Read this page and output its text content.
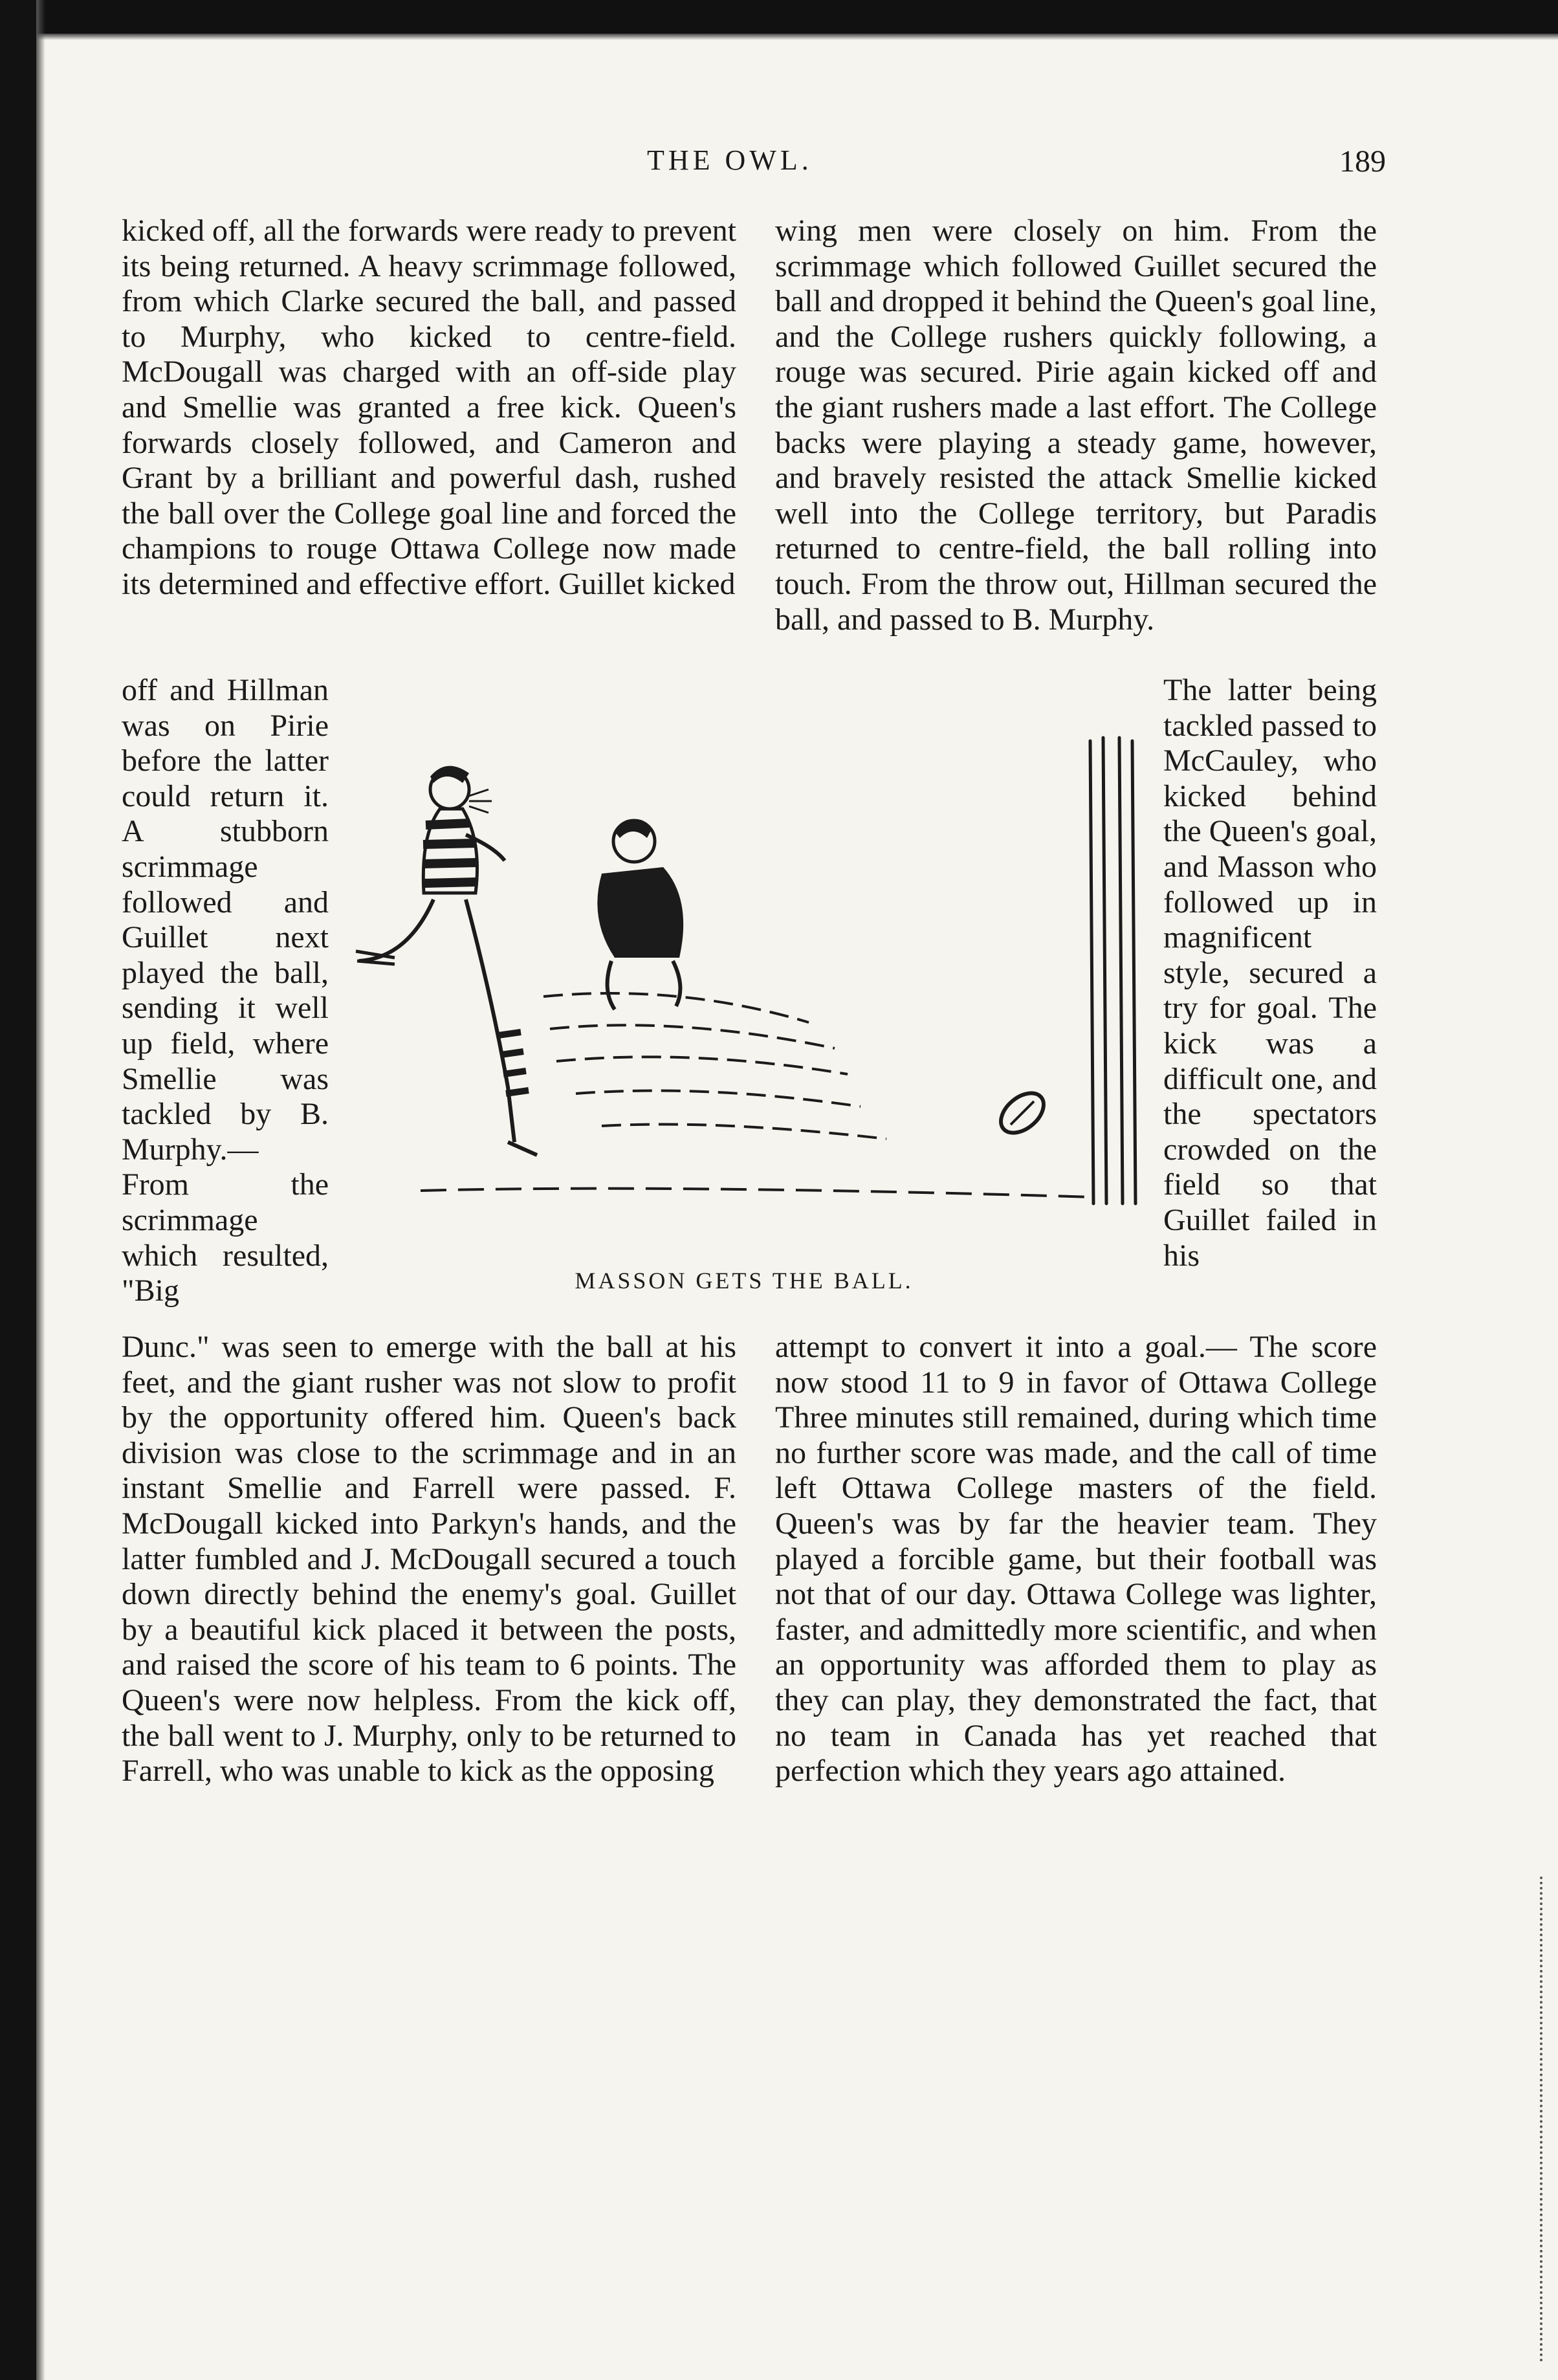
THE OWL.	189

kicked off, all the forwards were ready to prevent its being returned. A heavy scrimmage followed, from which Clarke secured the ball, and passed to Murphy, who kicked to centre-field. McDougall was charged with an off-side play and Smellie was granted a free kick. Queen's forwards closely followed, and Cameron and Grant by a brilliant and powerful dash, rushed the ball over the College goal line and forced the champions to rouge Ottawa College now made its determined and effective effort. Guillet kicked

off and Hillman was on Pirie before the latter could return it. A stubborn scrimmage followed and Guillet next played the ball, sending it well up field, where Smellie was tackled by B. Murphy.— From the scrimmage which resulted, "Big

Dunc." was seen to emerge with the ball at his feet, and the giant rusher was not slow to profit by the opportunity offered him. Queen's back division was close to the scrimmage and in an instant Smellie and Farrell were passed. F. McDougall kicked into Parkyn's hands, and the latter fumbled and J. McDougall secured a touch down directly behind the enemy's goal. Guillet by a beautiful kick placed it between the posts, and raised the score of his team to 6 points. The Queen's were now helpless. From the kick off, the ball went to J. Murphy, only to be returned to Farrell, who was unable to kick as the opposing

wing men were closely on him. From the scrimmage which followed Guillet secured the ball and dropped it behind the Queen's goal line, and the College rushers quickly following, a rouge was secured. Pirie again kicked off and the giant rushers made a last effort. The College backs were playing a steady game, however, and bravely resisted the attack Smellie kicked well into the College territory, but Paradis returned to centre-field, the ball rolling into touch. From the throw out, Hillman secured the ball, and passed to B. Murphy.

The latter being tackled passed to McCauley, who kicked behind the Queen's goal, and Masson who followed up in magnificent style, secured a try for goal. The kick was a difficult one, and the spectators crowded on the field so that Guillet failed in his

attempt to convert it into a goal.— The score now stood 11 to 9 in favor of Ottawa College Three minutes still remained, during which time no further score was made, and the call of time left Ottawa College masters of the field. Queen's was by far the heavier team. They played a forcible game, but their football was not that of our day. Ottawa College was lighter, faster, and admittedly more scientific, and when an opportunity was afforded them to play as they can play, they demonstrated the fact, that no team in Canada has yet reached that perfection which they years ago attained.

MASSON GETS THE BALL.
